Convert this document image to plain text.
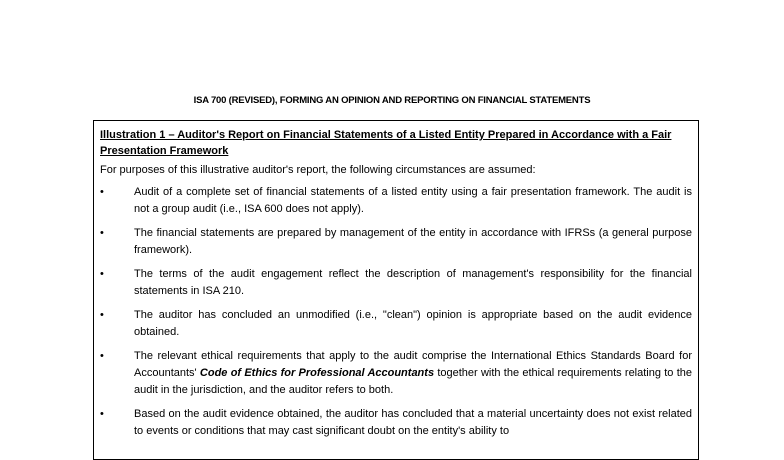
ISA 700 (REVISED), FORMING AN OPINION AND REPORTING ON FINANCIAL STATEMENTS

Illustration 1 – Auditor's Report on Financial Statements of a Listed Entity Prepared in Accordance with a Fair Presentation Framework

For purposes of this illustrative auditor's report, the following circumstances are assumed:

•	Audit of a complete set of financial statements of a listed entity using a fair presentation framework. The audit is not a group audit (i.e., ISA 600 does not apply).
•	The financial statements are prepared by management of the entity in accordance with IFRSs (a general purpose framework).
•	The terms of the audit engagement reflect the description of management's responsibility for the financial statements in ISA 210.
•	The auditor has concluded an unmodified (i.e., "clean") opinion is appropriate based on the audit evidence obtained.
•	The relevant ethical requirements that apply to the audit comprise the International Ethics Standards Board for Accountants' Code of Ethics for Professional Accountants together with the ethical requirements relating to the audit in the jurisdiction, and the auditor refers to both.
•	Based on the audit evidence obtained, the auditor has concluded that a material uncertainty does not exist related to events or conditions that may cast significant doubt on the entity's ability to
